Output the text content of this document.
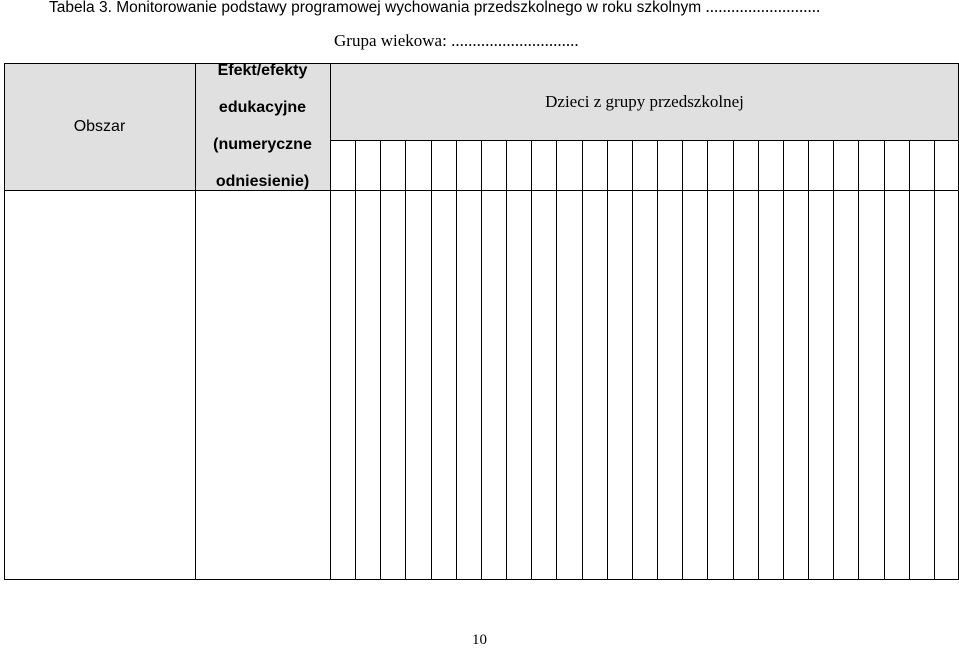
Tabela 3. Monitorowanie podstawy programowej wychowania przedszkolnego w roku szkolnym ...........................
Grupa wiekowa: ..............................
Obszar
Efekt/efekty
edukacyjne
(numeryczne
odniesienie)
Dzieci z grupy przedszkolnej
10
